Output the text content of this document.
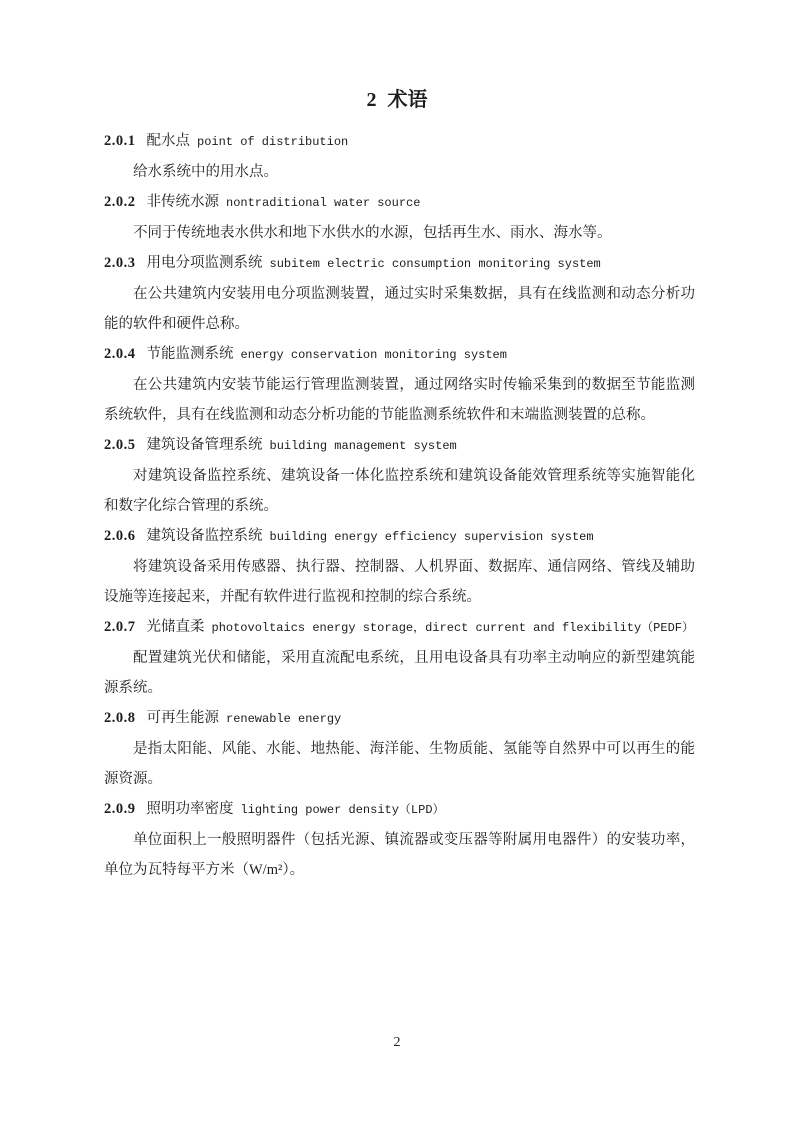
2 术语

2.0.1 配水点 point of distribution

给水系统中的用水点。

2.0.2 非传统水源 nontraditional water source

不同于传统地表水供水和地下水供水的水源，包括再生水、雨水、海水等。

2.0.3 用电分项监测系统 subitem electric consumption monitoring system

在公共建筑内安装用电分项监测装置，通过实时采集数据，具有在线监测和动态分析功能的软件和硬件总称。

2.0.4 节能监测系统 energy conservation monitoring system

在公共建筑内安装节能运行管理监测装置，通过网络实时传输采集到的数据至节能监测系统软件，具有在线监测和动态分析功能的节能监测系统软件和末端监测装置的总称。

2.0.5 建筑设备管理系统 building management system

对建筑设备监控系统、建筑设备一体化监控系统和建筑设备能效管理系统等实施智能化和数字化综合管理的系统。

2.0.6 建筑设备监控系统 building energy efficiency supervision system

将建筑设备采用传感器、执行器、控制器、人机界面、数据库、通信网络、管线及辅助设施等连接起来，并配有软件进行监视和控制的综合系统。

2.0.7 光储直柔 photovoltaics energy storage，direct current and flexibility（PEDF）

配置建筑光伏和储能，采用直流配电系统，且用电设备具有功率主动响应的新型建筑能源系统。

2.0.8 可再生能源 renewable energy

是指太阳能、风能、水能、地热能、海洋能、生物质能、氢能等自然界中可以再生的能源资源。

2.0.9 照明功率密度 lighting power density（LPD）

单位面积上一般照明器件（包括光源、镇流器或变压器等附属用电器件）的安装功率，单位为瓦特每平方米（W/m²）。

2
